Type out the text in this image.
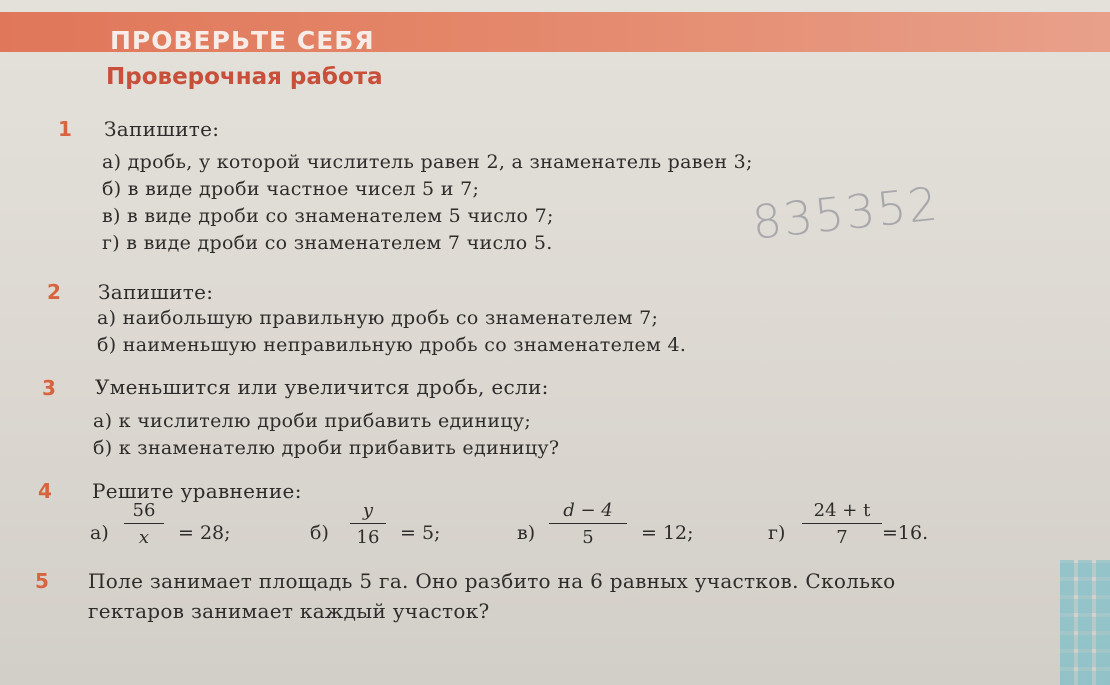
ПРОВЕРЬТЕ СЕБЯ
Проверочная работа
1 Запишите:
а) дробь, у которой числитель равен 2, а знаменатель равен 3;
б) в виде дроби частное чисел 5 и 7;
в) в виде дроби со знаменателем 5 число 7;
г) в виде дроби со знаменателем 7 число 5.	835352
2 Запишите:
а) наибольшую правильную дробь со знаменателем 7;
б) наименьшую неправильную дробь со знаменателем 4.
3 Уменьшится или увеличится дробь, если:
а) к числителю дроби прибавить единицу;
б) к знаменателю дроби прибавить единицу?
4 Решите уравнение:
а)
56
x	= 28;	б)
y
16	= 5;	в)
d − 4
5	= 12;	г)
24 + t
7	=16.
5 Поле занимает площадь 5 га. Оно разбито на 6 равных участков. Сколько
гектаров занимает каждый участок?
